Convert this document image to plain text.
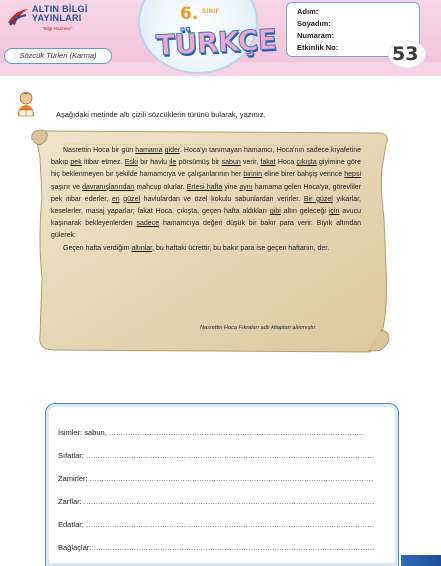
ALTIN BİLGİ
YAYINLARI
"Bilgi Hazinesi"
Sözcük Türleri (Karma)
6. SINIF
TÜRKÇE
Adım:
Soyadım:
Numaram:
Etkinlik No:	53
Aşağıdaki metinde altı çizili sözcüklerin türünü bularak, yazınız.

Nasrettin Hoca bir gün hamama gider. Hoca'yı tanımayan hamamcı, Hoca'nın sadece kıyafetine bakıp pek itibar etmez. Eski bir havlu ile pörsümüş bir sabun verir, fakat Hoca çıkışta giyimine göre hiç beklenmeyen bir şekilde hamamcıya ve çalışanlarının her birinin eline birer bahşiş verince hepsi şaşırır ve davranışlarından mahcup olurlar. Ertesi hafta yine aynı hamama gelen Hoca'ya, görevliler pek itibar ederler, en güzel havlulardan ve özel kokulu sabunlardan verirler. Bir güzel yıkarlar, keselerler, masaj yaparlar; fakat Hoca, çıkışta, geçen hafta aldıkları gibi altın geleceği için avucu kaşınarak bekleyenlerden sadece hamamcıya değeri düşük bir bakır para verir. Bıyık altından gülerek:

Geçen hafta verdiğim altınlar, bu haftaki ücrettir, bu bakır para ise geçen haftanın, der.

Nasrettin Hoca Fıkraları adlı kitaptan alınmıştır.
İsimler: sabun, ...........................................................................................................
Sıfatlar: .........................................................................................................................
Zamirler: .......................................................................................................................
Zarflar: ..........................................................................................................................
Edatlar: .........................................................................................................................
Bağlaçlar: ......................................................................................................................
